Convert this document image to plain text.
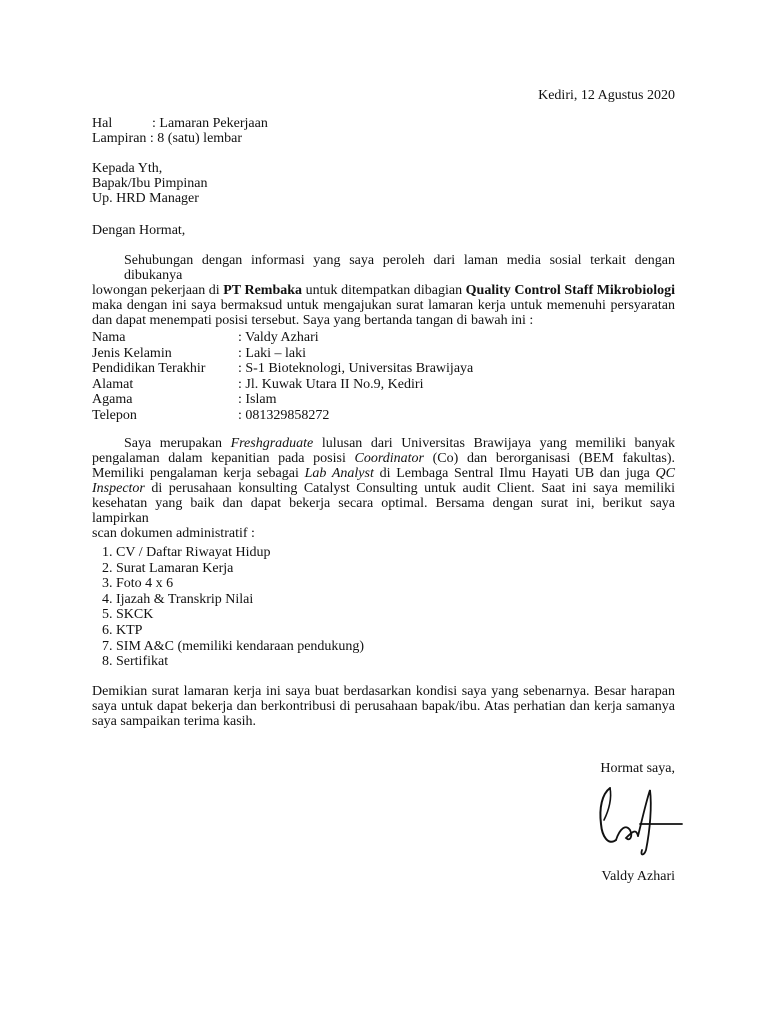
Kediri, 12 Agustus 2020
Hal	: Lamaran Pekerjaan
Lampiran : 8 (satu) lembar
Kepada Yth,
Bapak/Ibu Pimpinan
Up. HRD Manager
Dengan Hormat,
Sehubungan dengan informasi yang saya peroleh dari laman media sosial terkait dengan dibukanya
lowongan pekerjaan di PT Rembaka untuk ditempatkan dibagian Quality Control Staff Mikrobiologi
maka dengan ini saya bermaksud untuk mengajukan surat lamaran kerja untuk memenuhi persyaratan
dan dapat menempati posisi tersebut. Saya yang bertanda tangan di bawah ini :
Nama	: Valdy Azhari
Jenis Kelamin	: Laki – laki
Pendidikan Terakhir : S-1 Bioteknologi, Universitas Brawijaya
Alamat	: Jl. Kuwak Utara II No.9, Kediri
Agama	: Islam
Telepon	: 081329858272
Saya merupakan Freshgraduate lulusan dari Universitas Brawijaya yang memiliki banyak
pengalaman dalam kepanitian pada posisi Coordinator (Co) dan berorganisasi (BEM fakultas).
Memiliki pengalaman kerja sebagai Lab Analyst di Lembaga Sentral Ilmu Hayati UB dan juga QC
Inspector di perusahaan konsulting Catalyst Consulting untuk audit Client. Saat ini saya memiliki
kesehatan yang baik dan dapat bekerja secara optimal. Bersama dengan surat ini, berikut saya lampirkan
scan dokumen administratif :
1. CV / Daftar Riwayat Hidup
2. Surat Lamaran Kerja
3. Foto 4 x 6
4. Ijazah & Transkrip Nilai
5. SKCK
6. KTP
7. SIM A&C (memiliki kendaraan pendukung)
8. Sertifikat
Demikian surat lamaran kerja ini saya buat berdasarkan kondisi saya yang sebenarnya. Besar harapan
saya untuk dapat bekerja dan berkontribusi di perusahaan bapak/ibu. Atas perhatian dan kerja samanya
saya sampaikan terima kasih.
Hormat saya,
Valdy Azhari
